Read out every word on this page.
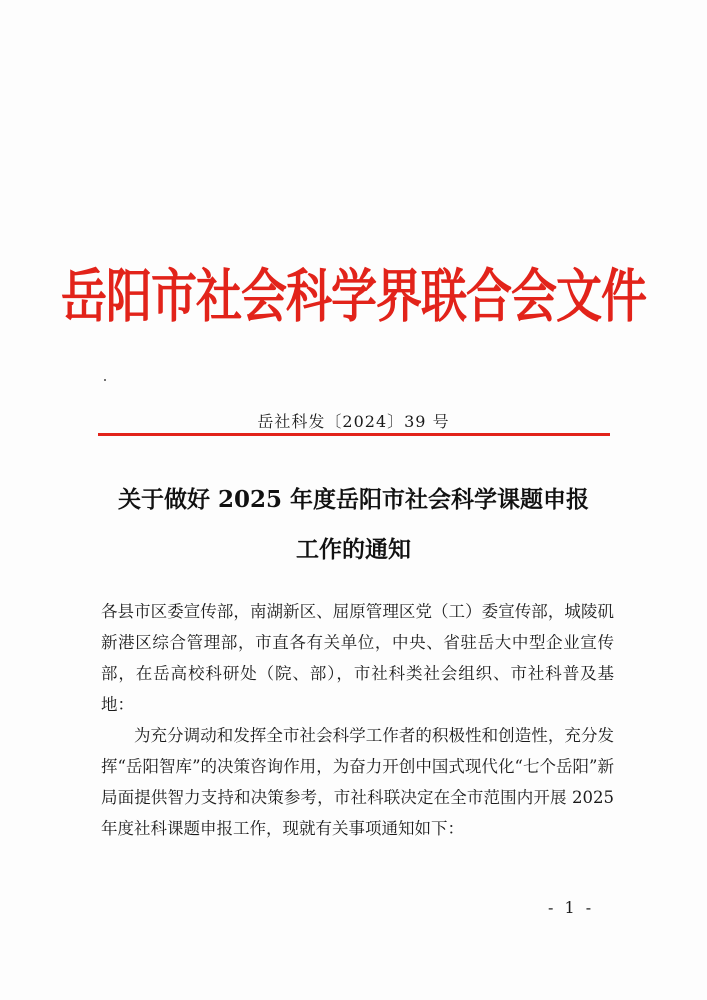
岳阳市社会科学界联合会文件
岳社科发〔2024〕39 号
关于做好 2025 年度岳阳市社会科学课题申报
工作的通知
各县市区委宣传部，南湖新区、屈原管理区党（工）委宣传部，城陵矶新港区综合管理部，市直各有关单位，中央、省驻岳大中型企业宣传部，在岳高校科研处（院、部），市社科类社会组织、市社科普及基地：
为充分调动和发挥全市社会科学工作者的积极性和创造性，充分发挥“岳阳智库”的决策咨询作用，为奋力开创中国式现代化“七个岳阳”新局面提供智力支持和决策参考，市社科联决定在全市范围内开展 2025 年度社科课题申报工作，现就有关事项通知如下：
- 1 -
